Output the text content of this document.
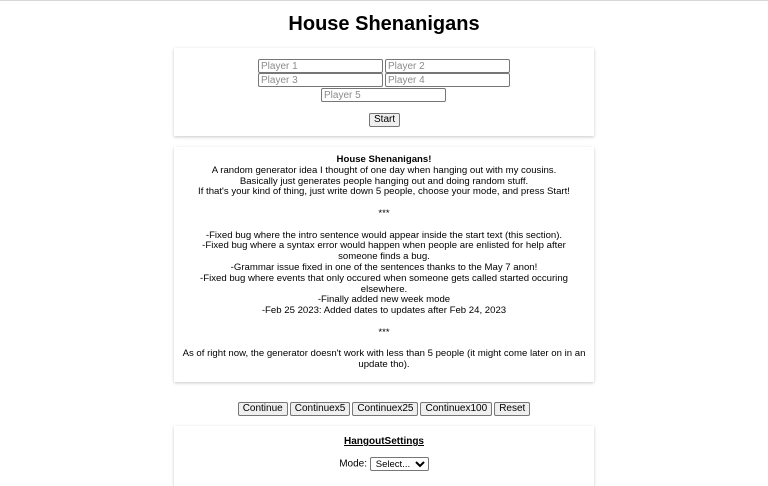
House Shenanigans
Player 1
Player 2
Player 3
Player 4
Player 5
Start

House Shenanigans!

A random generator idea I thought of one day when hanging out with my cousins.

Basically just generates people hanging out and doing random stuff.

If that's your kind of thing, just write down 5 people, choose your mode, and press Start!

***

-Fixed bug where the intro sentence would appear inside the start text (this section).

-Fixed bug where a syntax error would happen when people are enlisted for help after someone finds a bug.

-Grammar issue fixed in one of the sentences thanks to the May 7 anon!

-Fixed bug where events that only occured when someone gets called started occuring elsewhere.

-Finally added new week mode

-Feb 25 2023: Added dates to updates after Feb 24, 2023

***

As of right now, the generator doesn't work with less than 5 people (it might come later on in an update tho).

Continue	Continuex5	Continuex25	Continuex100	Reset
HangoutSettings
Mode:
Select...
